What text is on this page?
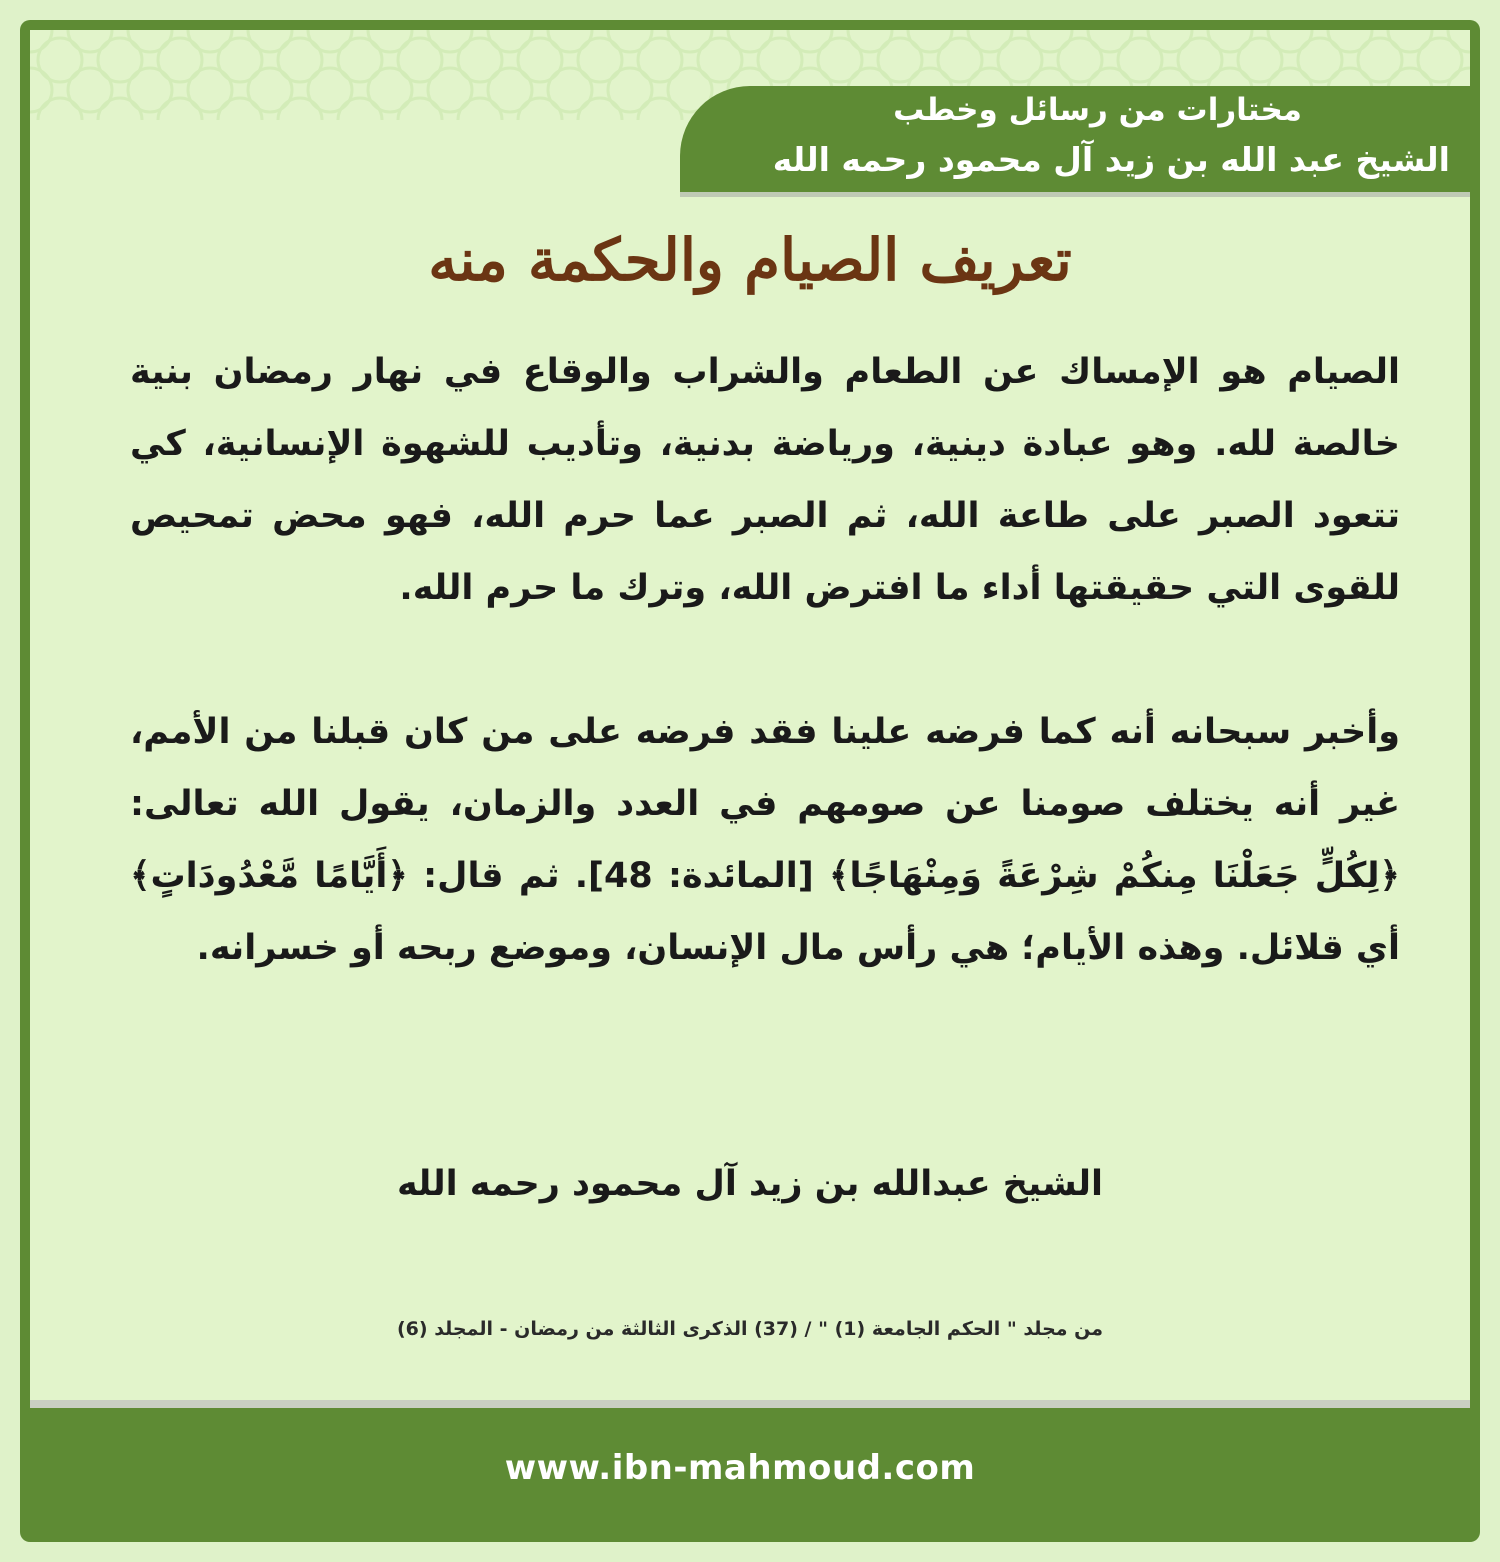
مختارات من رسائل وخطب
الشيخ عبد الله بن زيد آل محمود رحمه الله
تعريف الصيام والحكمة منه

الصيام هو الإمساك عن الطعام والشراب والوقاع في نهار رمضان بنية خالصة لله. وهو عبادة دينية، ورياضة بدنية، وتأديب للشهوة الإنسانية، كي تتعود الصبر على طاعة الله، ثم الصبر عما حرم الله، فهو محض تمحيص للقوى التي حقيقتها أداء ما افترض الله، وترك ما حرم الله.

وأخبر سبحانه أنه كما فرضه علينا فقد فرضه على من كان قبلنا من الأمم، غير أنه يختلف صومنا عن صومهم في العدد والزمان، يقول الله تعالى: ﴿لِكُلٍّ جَعَلْنَا مِنكُمْ شِرْعَةً وَمِنْهَاجًا﴾ [المائدة: 48]. ثم قال: ﴿أَيَّامًا مَّعْدُودَاتٍ﴾ أي قلائل. وهذه الأيام؛ هي رأس مال الإنسان، وموضع ربحه أو خسرانه.

www.ibn-mahmoud.com
الشيخ عبدالله بن زيد آل محمود رحمه الله
من مجلد " الحكم الجامعة (1) " / (37) الذكرى الثالثة من رمضان - المجلد (6)
